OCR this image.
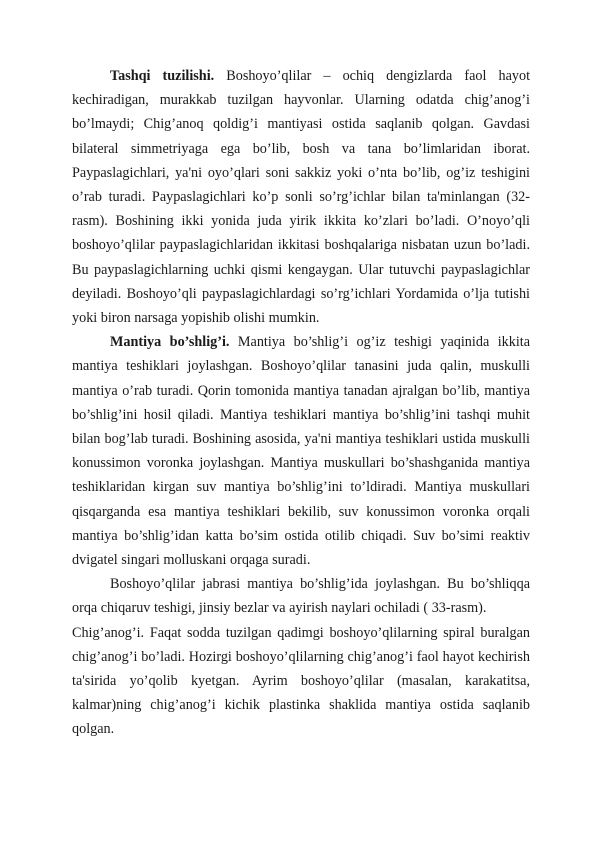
Tashqi tuzilishi. Boshoyo’qlilar – ochiq dengizlarda faol hayot kechiradigan, murakkab tuzilgan hayvonlar. Ularning odatda chig’anog’i bo’lmaydi; Chig’anoq qoldig’i mantiyasi ostida saqlanib qolgan. Gavdasi bilateral simmetriyaga ega bo’lib, bosh va tana bo’limlaridan iborat. Paypaslagichlari, ya'ni oyo’qlari soni sakkiz yoki o’nta bo’lib, og’iz teshigini o’rab turadi. Paypaslagichlari ko’p sonli so’rg’ichlar bilan ta'minlangan (32-rasm). Boshining ikki yonida juda yirik ikkita ko’zlari bo’ladi. O’noyo’qli boshoyo’qlilar paypaslagichlaridan ikkitasi boshqalariga nisbatan uzun bo’ladi. Bu paypaslagichlarning uchki qismi kengaygan. Ular tutuvchi paypaslagichlar deyiladi. Boshoyo’qli paypaslagichlardagi so’rg’ichlari Yordamida o’lja tutishi yoki biron narsaga yopishib olishi mumkin.

Mantiya bo’shlig’i. Mantiya bo’shlig’i og’iz teshigi yaqinida ikkita mantiya teshiklari joylashgan. Boshoyo’qlilar tanasini juda qalin, muskulli mantiya o’rab turadi. Qorin tomonida mantiya tanadan ajralgan bo’lib, mantiya bo’shlig’ini hosil qiladi. Mantiya teshiklari mantiya bo’shlig’ini tashqi muhit bilan bog’lab turadi. Boshining asosida, ya'ni mantiya teshiklari ustida muskulli konussimon voronka joylashgan. Mantiya muskullari bo’shashganida mantiya teshiklaridan kirgan suv mantiya bo’shlig’ini to’ldiradi. Mantiya muskullari qisqarganda esa mantiya teshiklari bekilib, suv konussimon voronka orqali mantiya bo’shlig’idan katta bo’sim ostida otilib chiqadi. Suv bo’simi reaktiv dvigatel singari molluskani orqaga suradi.

Boshoyo’qlilar jabrasi mantiya bo’shlig’ida joylashgan. Bu bo’shliqqa orqa chiqaruv teshigi, jinsiy bezlar va ayirish naylari ochiladi ( 33-rasm).

Chig’anog’i. Faqat sodda tuzilgan qadimgi boshoyo’qlilarning spiral buralgan chig’anog’i bo’ladi. Hozirgi boshoyo’qlilarning chig’anog’i faol hayot kechirish ta'sirida yo’qolib kyetgan. Ayrim boshoyo’qlilar (masalan, karakatitsa, kalmar)ning chig’anog’i kichik plastinka shaklida mantiya ostida saqlanib qolgan.
